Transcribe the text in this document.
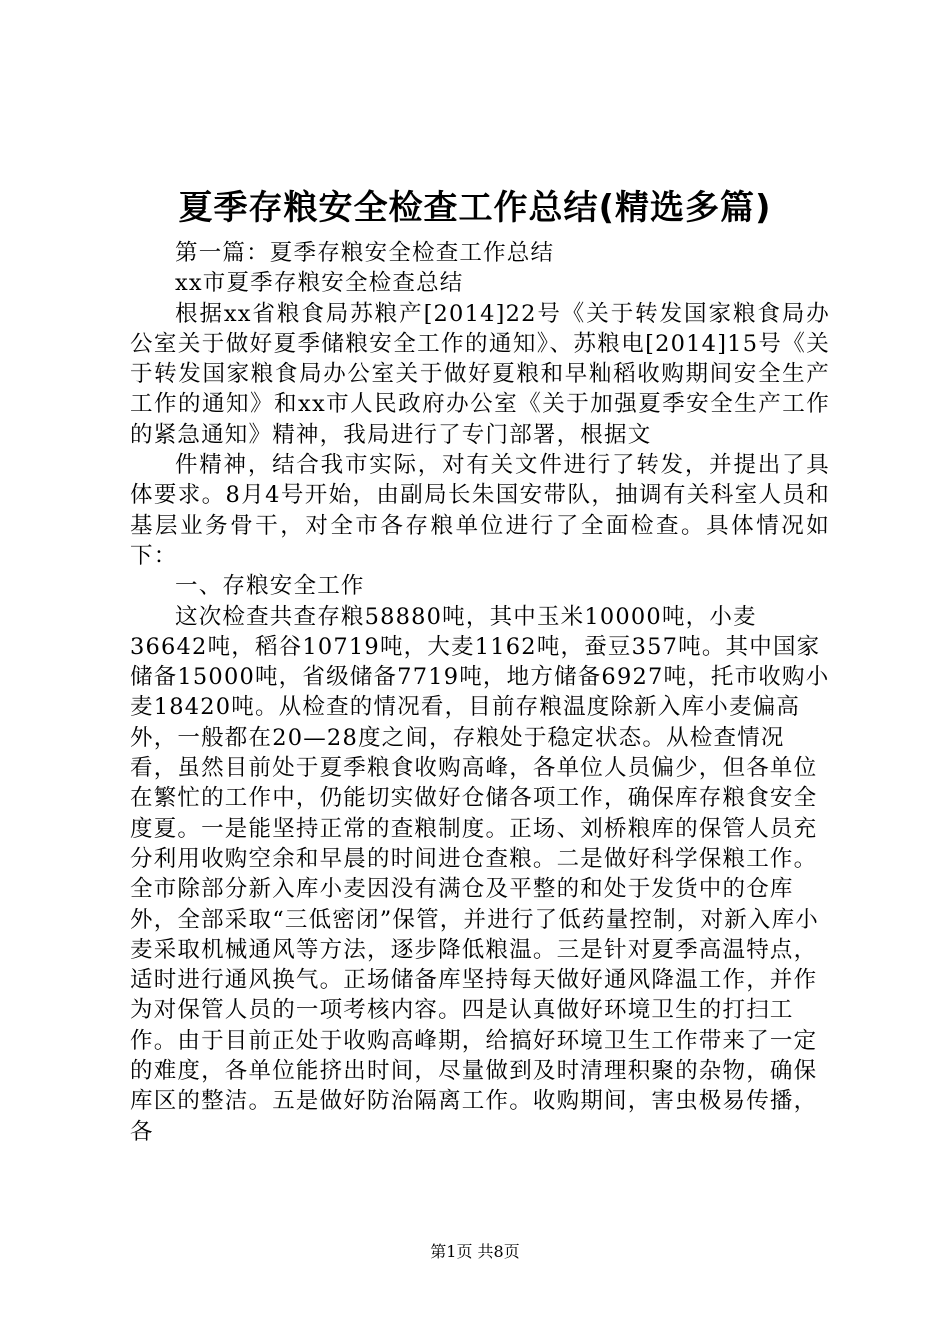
夏季存粮安全检查工作总结(精选多篇)

第一篇：夏季存粮安全检查工作总结

xx市夏季存粮安全检查总结

根据xx省粮食局苏粮产[2014]22号《关于转发国家粮食局办公室关于做好夏季储粮安全工作的通知》、苏粮电[2014]15号《关于转发国家粮食局办公室关于做好夏粮和早籼稻收购期间安全生产工作的通知》和xx市人民政府办公室《关于加强夏季安全生产工作的紧急通知》精神，我局进行了专门部署，根据文

件精神，结合我市实际，对有关文件进行了转发，并提出了具体要求。8月4号开始，由副局长朱国安带队，抽调有关科室人员和基层业务骨干，对全市各存粮单位进行了全面检查。具体情况如下：

一、存粮安全工作

这次检查共查存粮58880吨，其中玉米10000吨，小麦36642吨，稻谷10719吨，大麦1162吨，蚕豆357吨。其中国家储备15000吨，省级储备7719吨，地方储备6927吨，托市收购小麦18420吨。从检查的情况看，目前存粮温度除新入库小麦偏高外，一般都在20—28度之间，存粮处于稳定状态。从检查情况看，虽然目前处于夏季粮食收购高峰，各单位人员偏少，但各单位在繁忙的工作中，仍能切实做好仓储各项工作，确保库存粮食安全度夏。一是能坚持正常的查粮制度。正场、刘桥粮库的保管人员充分利用收购空余和早晨的时间进仓查粮。二是做好科学保粮工作。全市除部分新入库小麦因没有满仓及平整的和处于发货中的仓库外，全部采取“三低密闭”保管，并进行了低药量控制，对新入库小麦采取机械通风等方法，逐步降低粮温。三是针对夏季高温特点，适时进行通风换气。正场储备库坚持每天做好通风降温工作，并作为对保管人员的一项考核内容。四是认真做好环境卫生的打扫工作。由于目前正处于收购高峰期，给搞好环境卫生工作带来了一定的难度，各单位能挤出时间，尽量做到及时清理积聚的杂物，确保库区的整洁。五是做好防治隔离工作。收购期间，害虫极易传播，各

第1页 共8页
